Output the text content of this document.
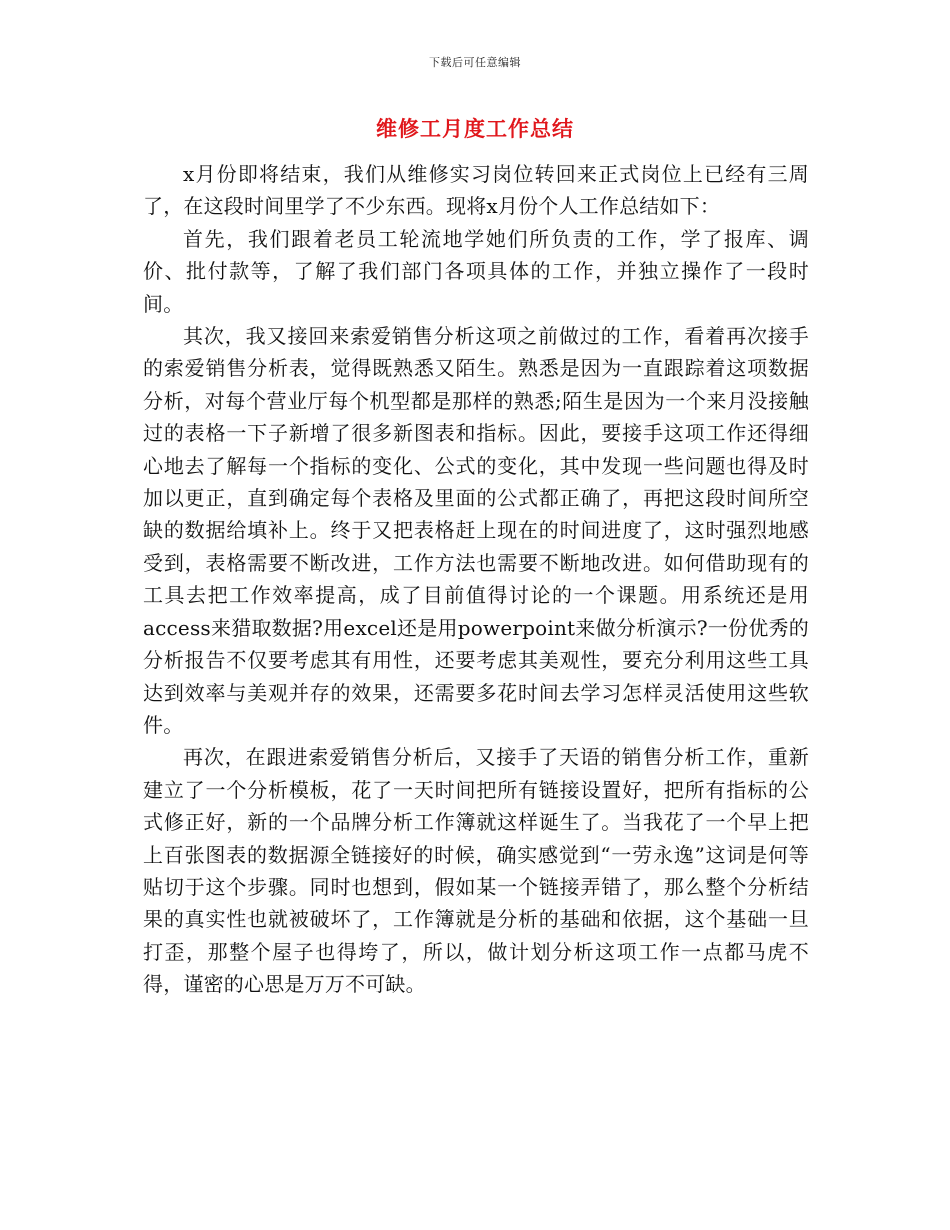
下载后可任意编辑
维修工月度工作总结

x月份即将结束，我们从维修实习岗位转回来正式岗位上已经有三周了，在这段时间里学了不少东西。现将x月份个人工作总结如下：

首先，我们跟着老员工轮流地学她们所负责的工作，学了报库、调价、批付款等，了解了我们部门各项具体的工作，并独立操作了一段时间。

其次，我又接回来索爱销售分析这项之前做过的工作，看着再次接手的索爱销售分析表，觉得既熟悉又陌生。熟悉是因为一直跟踪着这项数据分析，对每个营业厅每个机型都是那样的熟悉;陌生是因为一个来月没接触过的表格一下子新增了很多新图表和指标。因此，要接手这项工作还得细心地去了解每一个指标的变化、公式的变化，其中发现一些问题也得及时加以更正，直到确定每个表格及里面的公式都正确了，再把这段时间所空缺的数据给填补上。终于又把表格赶上现在的时间进度了，这时强烈地感受到，表格需要不断改进，工作方法也需要不断地改进。如何借助现有的工具去把工作效率提高，成了目前值得讨论的一个课题。用系统还是用 access来猎取数据?用excel还是用powerpoint来做分析演示?一份优秀的分析报告不仅要考虑其有用性，还要考虑其美观性，要充分利用这些工具达到效率与美观并存的效果，还需要多花时间去学习怎样灵活使用这些软件。

再次，在跟进索爱销售分析后，又接手了天语的销售分析工作，重新建立了一个分析模板，花了一天时间把所有链接设置好，把所有指标的公式修正好，新的一个品牌分析工作簿就这样诞生了。当我花了一个早上把上百张图表的数据源全链接好的时候，确实感觉到“一劳永逸”这词是何等贴切于这个步骤。同时也想到，假如某一个链接弄错了，那么整个分析结果的真实性也就被破坏了，工作簿就是分析的基础和依据，这个基础一旦打歪，那整个屋子也得垮了，所以，做计划分析这项工作一点都马虎不得，谨密的心思是万万不可缺。
